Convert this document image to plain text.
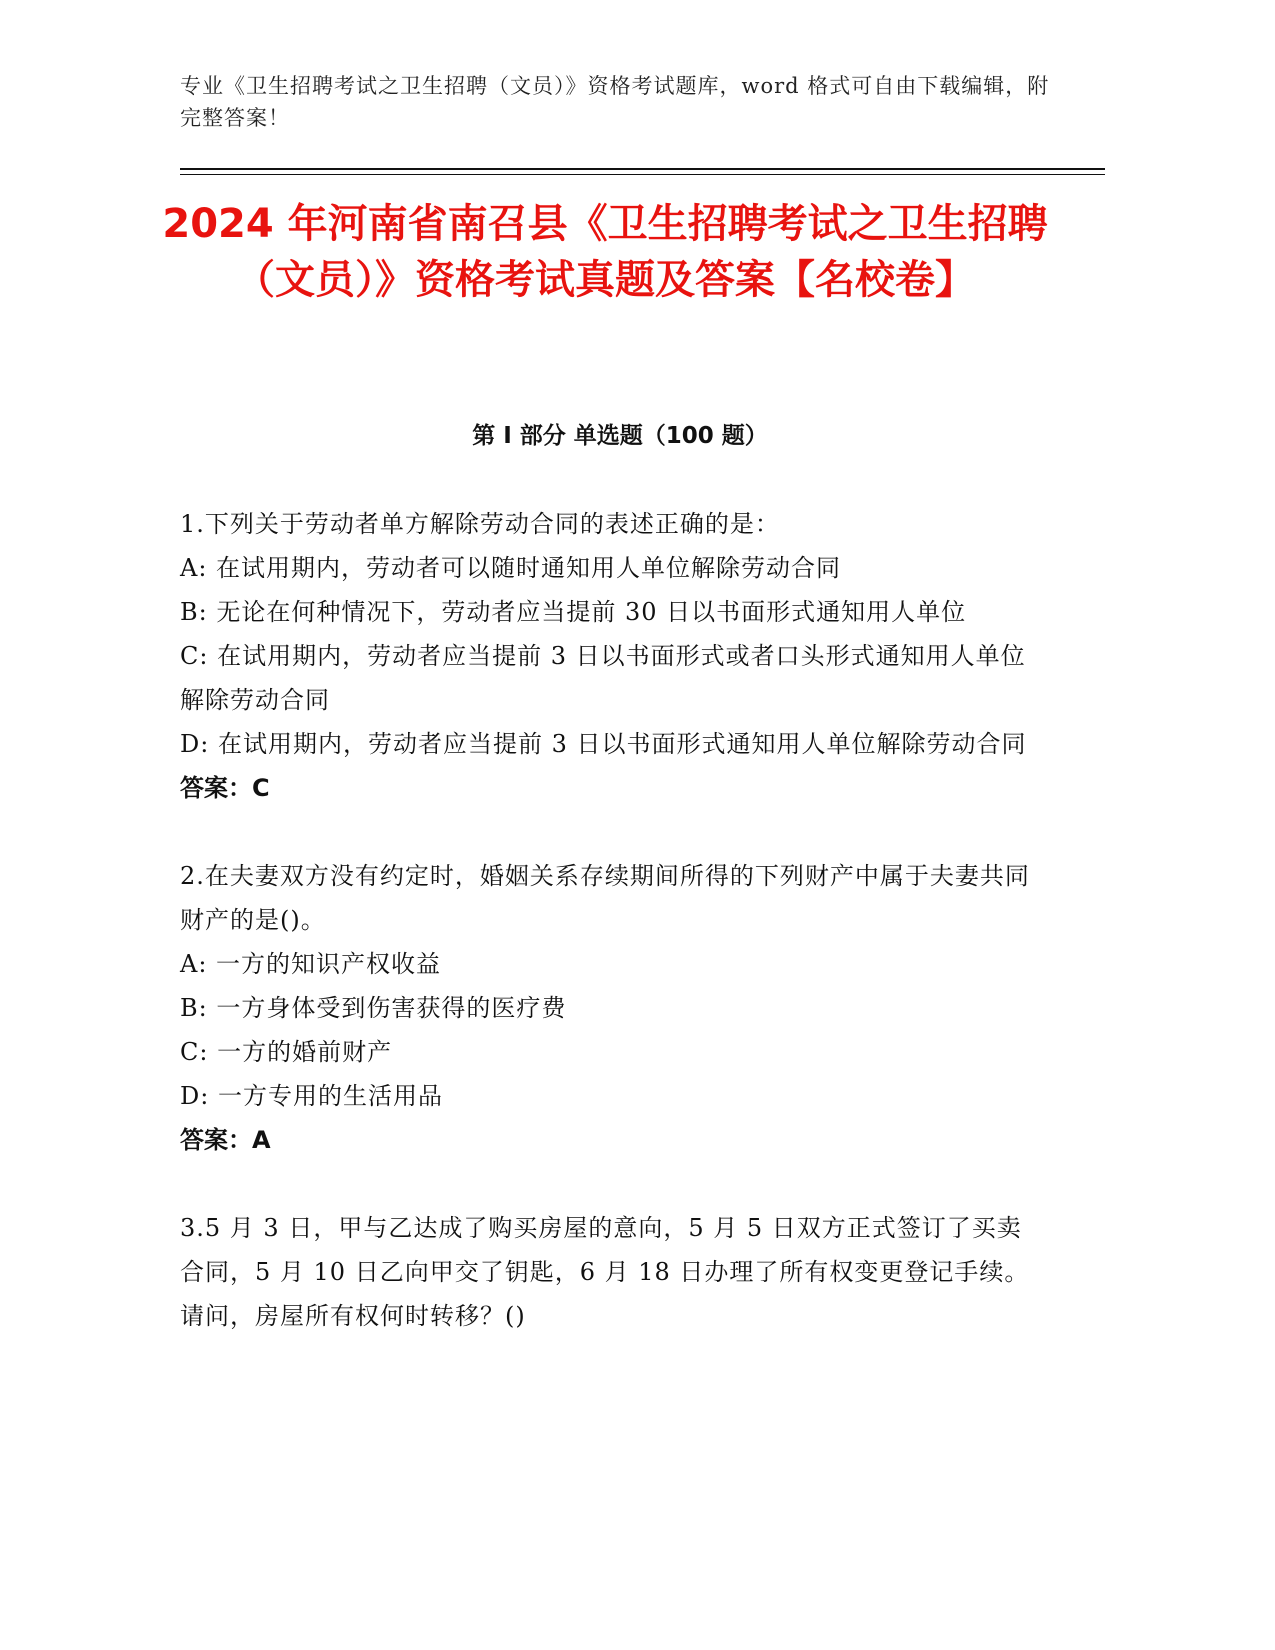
专业《卫生招聘考试之卫生招聘（文员）》资格考试题库，word 格式可自由下载编辑，附完整答案！
2024 年河南省南召县《卫生招聘考试之卫生招聘（文员）》资格考试真题及答案【名校卷】
第 I 部分 单选题（100 题）

1.下列关于劳动者单方解除劳动合同的表述正确的是：

A: 在试用期内，劳动者可以随时通知用人单位解除劳动合同

B: 无论在何种情况下，劳动者应当提前 30 日以书面形式通知用人单位

C: 在试用期内，劳动者应当提前 3 日以书面形式或者口头形式通知用人单位解除劳动合同

D: 在试用期内，劳动者应当提前 3 日以书面形式通知用人单位解除劳动合同

答案：C

2.在夫妻双方没有约定时，婚姻关系存续期间所得的下列财产中属于夫妻共同财产的是()。

A: 一方的知识产权收益

B: 一方身体受到伤害获得的医疗费

C: 一方的婚前财产

D: 一方专用的生活用品

答案：A

3.5 月 3 日，甲与乙达成了购买房屋的意向，5 月 5 日双方正式签订了买卖合同，5 月 10 日乙向甲交了钥匙，6 月 18 日办理了所有权变更登记手续。请问，房屋所有权何时转移？()
